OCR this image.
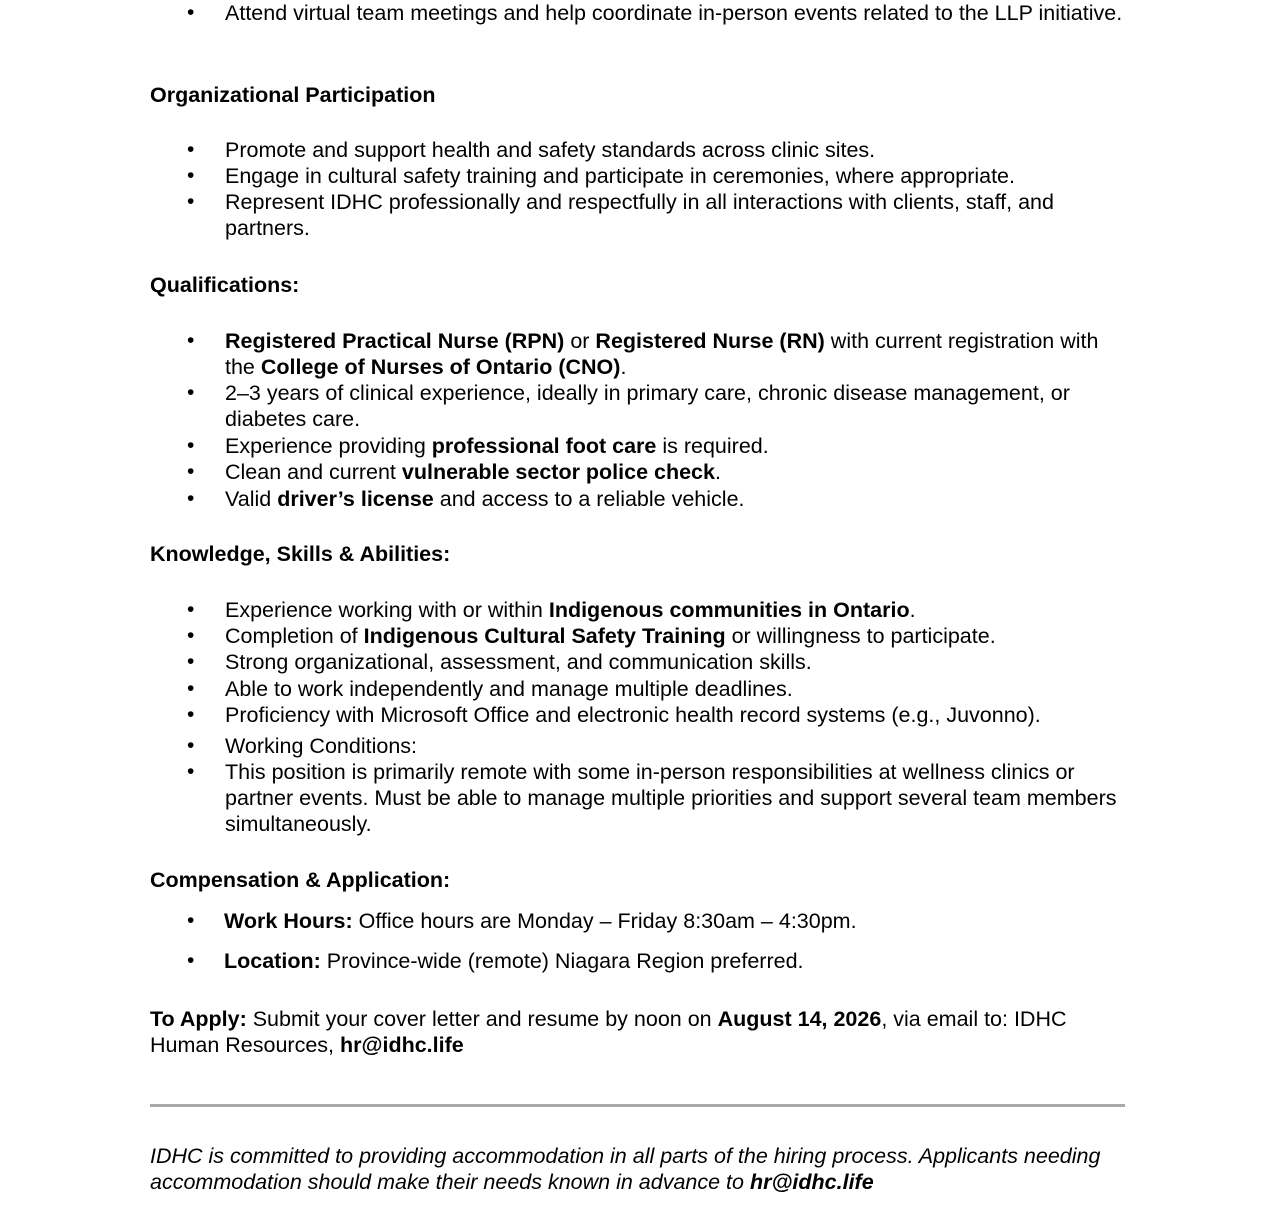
• Attend virtual team meetings and help coordinate in-person events related to the LLP initiative.

Organizational Participation

• Promote and support health and safety standards across clinic sites.
• Engage in cultural safety training and participate in ceremonies, where appropriate.
• Represent IDHC professionally and respectfully in all interactions with clients, staff, and partners.

Qualifications:

• Registered Practical Nurse (RPN) or Registered Nurse (RN) with current registration with the College of Nurses of Ontario (CNO).
• 2–3 years of clinical experience, ideally in primary care, chronic disease management, or diabetes care.
• Experience providing professional foot care is required.
• Clean and current vulnerable sector police check.
• Valid driver’s license and access to a reliable vehicle.

Knowledge, Skills & Abilities:

• Experience working with or within Indigenous communities in Ontario.
• Completion of Indigenous Cultural Safety Training or willingness to participate.
• Strong organizational, assessment, and communication skills.
• Able to work independently and manage multiple deadlines.
• Proficiency with Microsoft Office and electronic health record systems (e.g., Juvonno).
• Working Conditions:
• This position is primarily remote with some in-person responsibilities at wellness clinics or partner events. Must be able to manage multiple priorities and support several team members simultaneously.

Compensation & Application:

• Work Hours: Office hours are Monday – Friday 8:30am – 4:30pm.
• Location: Province-wide (remote) Niagara Region preferred.
To Apply: Submit your cover letter and resume by noon on August 14, 2026, via email to: IDHC Human Resources, hr@idhc.life
IDHC is committed to providing accommodation in all parts of the hiring process. Applicants needing accommodation should make their needs known in advance to hr@idhc.life
